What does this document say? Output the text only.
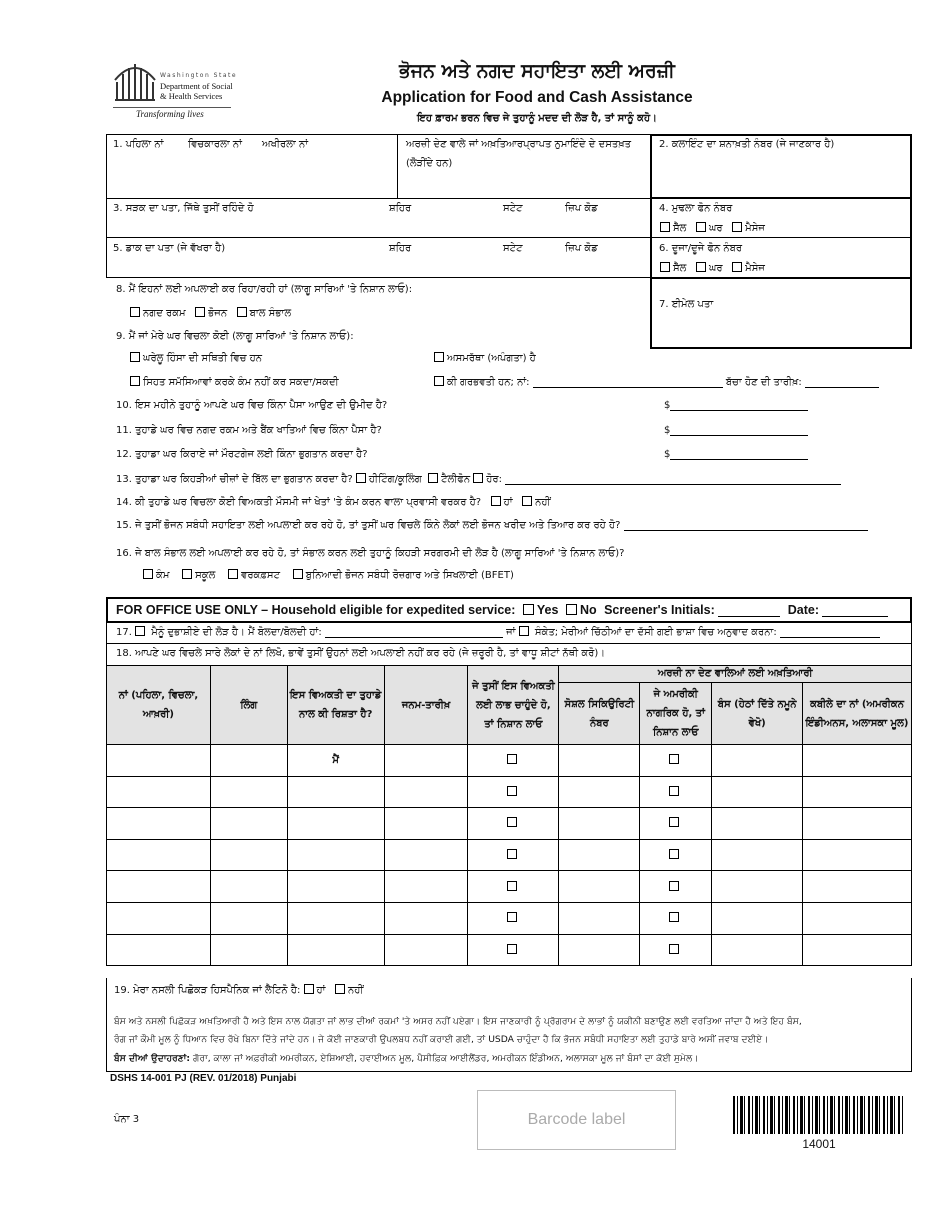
Washington State
Department of Social
& Health Services
Transforming lives
ਭੋਜਨ ਅਤੇ ਨਗਦ ਸਹਾਇਤਾ ਲਈ ਅਰਜ਼ੀ
Application for Food and Cash Assistance
ਇਹ ਫ਼ਾਰਮ ਭਰਨ ਵਿਚ ਜੇ ਤੁਹਾਨੂੰ ਮਦਦ ਦੀ ਲੋੜ ਹੈ, ਤਾਂ ਸਾਨੂੰ ਕਹੋ।
1. ਪਹਿਲਾ ਨਾਂ ਵਿਚਕਾਰਲਾ ਨਾਂ ਅਖੀਰਲਾ ਨਾਂ	ਅਰਜ਼ੀ ਦੇਣ ਵਾਲੇ ਜਾਂ ਅਖ਼ਤਿਆਰਪ੍ਰਾਪਤ ਨੁਮਾਇੰਦੇ ਦੇ ਦਸਤਖ਼ਤ
(ਲੋੜੀਂਦੇ ਹਨ)
2. ਕਲਾਇੰਟ ਦਾ ਸ਼ਨਾਖ਼ਤੀ ਨੰਬਰ (ਜੇ ਜਾਣਕਾਰ ਹੈ)
3. ਸੜਕ ਦਾ ਪਤਾ, ਜਿੱਥੇ ਤੁਸੀਂ ਰਹਿੰਦੇ ਹੋ	ਸ਼ਹਿਰ	ਸਟੇਟ	ਜ਼ਿਪ ਕੋਡ	4. ਮੁਢਲਾ ਫੋਨ ਨੰਬਰ
ਸੈੱਲ ਘਰ ਮੈਸੇਜ
5. ਡਾਕ ਦਾ ਪਤਾ (ਜੇ ਵੱਖਰਾ ਹੈ)	ਸ਼ਹਿਰ	ਸਟੇਟ	ਜ਼ਿਪ ਕੋਡ	6. ਦੂਜਾ/ਦੂਜੇ ਫੋਨ ਨੰਬਰ
ਸੈੱਲ ਘਰ ਮੈਸੇਜ
7. ਈਮੇਲ ਪਤਾ
8. ਮੈਂ ਇਹਨਾਂ ਲਈ ਅਪਲਾਈ ਕਰ ਰਿਹਾ/ਰਹੀ ਹਾਂ (ਲਾਗੂ ਸਾਰਿਆਂ 'ਤੇ ਨਿਸ਼ਾਨ ਲਾਓ):
ਨਗਦ ਰਕਮ ਭੋਜਨ ਬਾਲ ਸੰਭਾਲ
9. ਮੈਂ ਜਾਂ ਮੇਰੇ ਘਰ ਵਿਚਲਾ ਕੋਈ (ਲਾਗੂ ਸਾਰਿਆਂ 'ਤੇ ਨਿਸ਼ਾਨ ਲਾਓ):
ਘਰੇਲੂ ਹਿੰਸਾ ਦੀ ਸਥਿਤੀ ਵਿਚ ਹਨ	ਅਸਮਰੱਥਾ (ਅਪੰਗਤਾ) ਹੈ
ਸਿਹਤ ਸਮੱਸਿਆਵਾਂ ਕਰਕੇ ਕੰਮ ਨਹੀਂ ਕਰ ਸਕਦਾ/ਸਕਦੀ	ਕੀ ਗਰਭਵਤੀ ਹਨ; ਨਾਂ:	ਬੱਚਾ ਹੋਣ ਦੀ ਤਾਰੀਖ਼:
10. ਇਸ ਮਹੀਨੇ ਤੁਹਾਨੂੰ ਆਪਣੇ ਘਰ ਵਿਚ ਕਿੰਨਾ ਪੈਸਾ ਆਉਣ ਦੀ ਉਮੀਦ ਹੈ?	$
11. ਤੁਹਾਡੇ ਘਰ ਵਿਚ ਨਗਦ ਰਕਮ ਅਤੇ ਬੈਂਕ ਖਾਤਿਆਂ ਵਿਚ ਕਿੰਨਾ ਪੈਸਾ ਹੈ?	$
12. ਤੁਹਾਡਾ ਘਰ ਕਿਰਾਏ ਜਾਂ ਮੌਰਟਗੇਜ ਲਈ ਕਿੰਨਾ ਭੁਗਤਾਨ ਕਰਦਾ ਹੈ?	$
13. ਤੁਹਾਡਾ ਘਰ ਕਿਹੜੀਆਂ ਚੀਜ਼ਾਂ ਦੇ ਬਿੱਲ ਦਾ ਭੁਗਤਾਨ ਕਰਦਾ ਹੈ? ਹੀਟਿੰਗ/ਕੂਲਿੰਗ ਟੈਲੀਫੋਨ ਹੋਰ:
14. ਕੀ ਤੁਹਾਡੇ ਘਰ ਵਿਚਲਾ ਕੋਈ ਵਿਅਕਤੀ ਮੌਸਮੀ ਜਾਂ ਖੇਤਾਂ 'ਤੇ ਕੰਮ ਕਰਨ ਵਾਲਾ ਪ੍ਰਵਾਸੀ ਵਰਕਰ ਹੈ? ਹਾਂ ਨਹੀਂ
15. ਜੇ ਤੁਸੀਂ ਭੋਜਨ ਸਬੰਧੀ ਸਹਾਇਤਾ ਲਈ ਅਪਲਾਈ ਕਰ ਰਹੇ ਹੋ, ਤਾਂ ਤੁਸੀਂ ਘਰ ਵਿਚਲੇ ਕਿੰਨੇ ਲੋਕਾਂ ਲਈ ਭੋਜਨ ਖਰੀਦ ਅਤੇ ਤਿਆਰ ਕਰ ਰਹੇ ਹੋ?
16. ਜੇ ਬਾਲ ਸੰਭਾਲ ਲਈ ਅਪਲਾਈ ਕਰ ਰਹੇ ਹੋ, ਤਾਂ ਸੰਭਾਲ ਕਰਨ ਲਈ ਤੁਹਾਨੂੰ ਕਿਹੜੀ ਸਰਗਰਮੀ ਦੀ ਲੋੜ ਹੈ (ਲਾਗੂ ਸਾਰਿਆਂ 'ਤੇ ਨਿਸ਼ਾਨ ਲਾਓ)?
ਕੰਮ	ਸਕੂਲ	ਵਰਕਫ਼ਸਟ	ਬੁਨਿਆਦੀ ਭੋਜਨ ਸਬੰਧੀ ਰੋਜ਼ਗਾਰ ਅਤੇ ਸਿਖਲਾਈ (BFET)
FOR OFFICE USE ONLY – Household eligible for expedited service: Yes No Screener's Initials:	Date:
17. ਮੈਨੂੰ ਦੁਭਾਸ਼ੀਏ ਦੀ ਲੋੜ ਹੈ। ਮੈਂ ਬੋਲਦਾ/ਬੋਲਦੀ ਹਾਂ:	ਜਾਂ ਸੰਕੇਤ; ਮੇਰੀਆਂ ਚਿੱਠੀਆਂ ਦਾ ਦੱਸੀ ਗਈ ਭਾਸ਼ਾ ਵਿਚ ਅਨੁਵਾਦ ਕਰਨਾ:
18. ਆਪਣੇ ਘਰ ਵਿਚਲੇ ਸਾਰੇ ਲੋਕਾਂ ਦੇ ਨਾਂ ਲਿਖੋ, ਭਾਵੇਂ ਤੁਸੀਂ ਉਹਨਾਂ ਲਈ ਅਪਲਾਈ ਨਹੀਂ ਕਰ ਰਹੇ (ਜੇ ਜ਼ਰੂਰੀ ਹੈ, ਤਾਂ ਵਾਧੂ ਸ਼ੀਟਾਂ ਨੱਥੀ ਕਰੋ)।
ਨਾਂ (ਪਹਿਲਾ, ਵਿਚਲਾ, ਆਖ਼ਰੀ)	ਲਿੰਗ	ਇਸ ਵਿਅਕਤੀ ਦਾ ਤੁਹਾਡੇ ਨਾਲ ਕੀ ਰਿਸ਼ਤਾ ਹੈ?	ਜਨਮ-ਤਾਰੀਖ਼	ਜੇ ਤੁਸੀਂ ਇਸ ਵਿਅਕਤੀ ਲਈ ਲਾਭ ਚਾਹੁੰਦੇ ਹੋ, ਤਾਂ ਨਿਸ਼ਾਨ ਲਾਓ	ਅਰਜ਼ੀ ਨਾ ਦੇਣ ਵਾਲਿਆਂ ਲਈ ਅਖ਼ਤਿਆਰੀ			
					ਸੋਸ਼ਲ ਸਿਕਿਉਰਿਟੀ ਨੰਬਰ	ਜੇ ਅਮਰੀਕੀ ਨਾਗਰਿਕ ਹੋ, ਤਾਂ ਨਿਸ਼ਾਨ ਲਾਓ	ਬੰਸ (ਹੇਠਾਂ ਦਿੱਤੇ ਨਮੂਨੇ ਵੇਖੋ)	ਕਬੀਲੇ ਦਾ ਨਾਂ (ਅਮਰੀਕਨ ਇੰਡੀਅਨਸ, ਅਲਾਸਕਾ ਮੂਲ)
		ਮੈਂ						

19. ਮੇਰਾ ਨਸਲੀ ਪਿਛੋਕੜ ਹਿਸਪੈਨਿਕ ਜਾਂ ਲੈਟਿਨੋ ਹੈ: ਹਾਂ ਨਹੀਂ
ਬੰਸ ਅਤੇ ਨਸਲੀ ਪਿਛੋਕੜ ਅਖ਼ਤਿਆਰੀ ਹੈ ਅਤੇ ਇਸ ਨਾਲ ਯੋਗਤਾ ਜਾਂ ਲਾਭ ਦੀਆਂ ਰਕਮਾਂ 'ਤੇ ਅਸਰ ਨਹੀਂ ਪਏਗਾ। ਇਸ ਜਾਣਕਾਰੀ ਨੂੰ ਪ੍ਰੋਗਰਾਮ ਦੇ ਲਾਭਾਂ ਨੂੰ ਯਕੀਨੀ ਬਣਾਉਣ ਲਈ ਵਰਤਿਆ ਜਾਂਦਾ ਹੈ ਅਤੇ ਇਹ ਬੰਸ,
ਰੰਗ ਜਾਂ ਕੌਮੀ ਮੂਲ ਨੂੰ ਧਿਆਨ ਵਿਚ ਰੱਖੇ ਬਿਨਾ ਦਿੱਤੇ ਜਾਂਦੇ ਹਨ। ਜੇ ਕੋਈ ਜਾਣਕਾਰੀ ਉਪਲਬਧ ਨਹੀਂ ਕਰਾਈ ਗਈ, ਤਾਂ USDA ਚਾਹੁੰਦਾ ਹੈ ਕਿ ਭੋਜਨ ਸਬੰਧੀ ਸਹਾਇਤਾ ਲਈ ਤੁਹਾਡੇ ਬਾਰੇ ਅਸੀਂ ਜਵਾਬ ਦਈਏ।
ਬੰਸ ਦੀਆਂ ਉਦਾਹਰਣਾਂ: ਗੋਰਾ, ਕਾਲਾ ਜਾਂ ਅਫ਼ਰੀਕੀ ਅਮਰੀਕਨ, ਏਸ਼ਿਆਈ, ਹਵਾਈਅਨ ਮੂਲ, ਪੈਸੀਫ਼ਿਕ ਆਈਲੈਂਡਰ, ਅਮਰੀਕਨ ਇੰਡੀਅਨ, ਅਲਾਸਕਾ ਮੂਲ ਜਾਂ ਬੰਸਾਂ ਦਾ ਕੋਈ ਸੁਮੇਲ।
DSHS 14-001 PJ (REV. 01/2018) Punjabi
ਪੰਨਾ 3	Barcode label
14001
